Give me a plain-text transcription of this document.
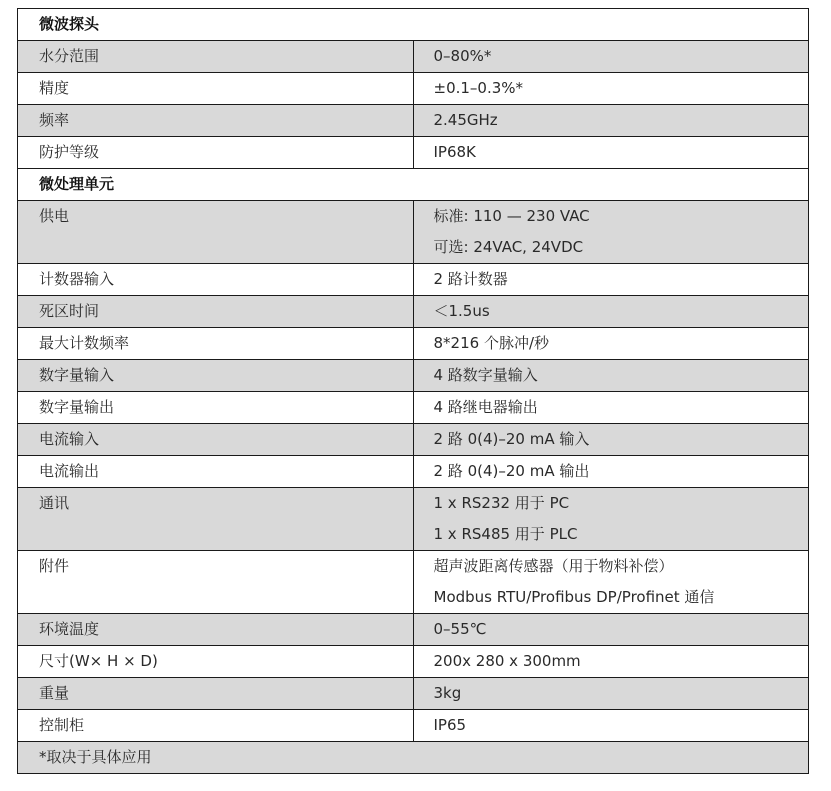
微波探头	
水分范围	0–80%*
精度	±0.1–0.3%*
频率	2.45GHz
防护等级	IP68K
微处理单元	

供电	标准: 110 — 230 VAC
可选: 24VAC, 24VDC

计数器输入	2 路计数器
死区时间	＜1.5us
最大计数频率	8*216 个脉冲/秒
数字量输入	4 路数字量输入
数字量输出	4 路继电器输出
电流输入	2 路 0(4)–20 mA 输入
电流输出	2 路 0(4)–20 mA 输出

通讯	1 x RS232 用于 PC
1 x RS485 用于 PLC

附件	超声波距离传感器（用于物料补偿）
Modbus RTU/Profibus DP/Profinet 通信

环境温度	0–55℃
尺寸(W× H × D)	200x 280 x 300mm
重量	3kg
控制柜	IP65
*取决于具体应用	
